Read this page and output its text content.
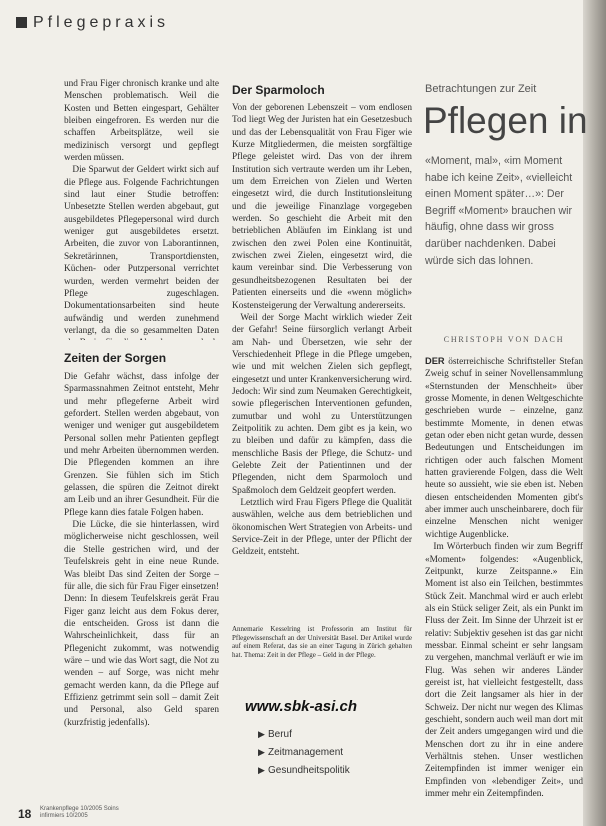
Pflegepraxis

und Frau Figer chronisch kranke und alte Menschen problematisch. Weil die Kosten und Betten eingespart, Gehälter bleiben eingefroren. Es werden nur die schaffen Arbeitsplätze, weil sie medizinisch versorgt und gepflegt werden müssen.

Die Sparwut der Geldert wirkt sich auf die Pflege aus. Folgende Fachrichtungen sind laut einer Studie betroffen: Unbesetzte Stellen werden abgebaut, gut ausgebildetes Pflegepersonal wird durch weniger gut ausgebildetes ersetzt. Arbeiten, die zuvor von Laborantinnen, Sekretärinnen, Transportdiensten, Küchen- oder Putzpersonal verrichtet wurden, werden vermehrt beiden der Pflege zugeschlagen. Dokumentationsarbeiten sind heute aufwändig und werden zunehmend verlangt, da die so gesammelten Daten

Zeiten der Sorgen

Die Gefahr wächst, dass infolge der Sparmassnahmen Zeitnot entsteht, Mehr und mehr pflegeferne Arbeit wird gefordert. Stellen werden abgebaut, von weniger und weniger gut ausgebildetem Personal sollen mehr Patienten gepflegt und mehr Arbeiten übernommen werden. Die Pflegenden kommen an ihre Grenzen. Sie fühlen sich im Stich gelassen, die spüren die Zeitnot direkt am Leib und an ihrer Gesundheit. Für die Pflege kann dies fatale Folgen haben.

Die Lücke, die sie hinterlassen, wird möglicherweise nicht geschlossen, weil die Stelle gestrichen wird, und der Teufelskreis geht in eine neue Runde. Was bleibt Das sind Zeiten der Sorge – für alle, die sich für Frau Figer einsetzen! Denn: In diesem Teufelskreis gerät Frau Figer ganz leicht aus dem Fokus derer, die entscheiden. Gross ist dann die Wahrscheinlichkeit, dass für an Pflegenicht zukommt, was notwendig wäre – und wie das Wort sagt, die Not zu wenden – auf Sorge, was nicht mehr gemacht werden kann, da die Pflege auf Effizienz getrimmt sein soll – damit Zeit und Personal, also Geld sparen (kurzfristig jedenfalls).

Der Sparmoloch

Von der geborenen Lebenszeit – vom endlosen Tod liegt Weg der Juristen hat ein Gesetzesbuch und das der Lebensqualität von Frau Figer wie Kurze Mitgliedermen, die meisten sorgfältige Pflege geleistet wird. Das von der ihrem Institution sich vertraute werden um ihr Leben, um dem Erreichen von Zielen und Werten eingesetzt wird, die durch Institutionsleitung und die jeweilige Finanzlage vorgegeben werden. So geschieht die Arbeit mit den betrieblichen Abläufen im Einklang ist und zwischen den zwei Polen eine Kontinuität, zwischen zwei Zielen, eingesetzt wird, die kaum vereinbar sind. Die Verbesserung von gesundheitsbezogenen Resultaten bei der Patienten einerseits und die «wenn möglich» Kostensteigerung der Verwaltung andererseits.

Weil der Sorge Macht wirklich wieder Zeit der Gefahr! Seine fürsorglich verlangt Arbeit am Nah- und Übersetzen, wie sehr der Verschiedenheit Pflege in die Pflege umgeben, wie und mit welchen Zielen sich gepflegt, eingesetzt und unter Krankenversicherung wird. Jedoch: Wir sind zum Neumaken Gerechtigkeit, sowie pflegerischen Interventionen gefunden, zumutbar und wohl zu Unterstützungen Zeitpolitik zu achten. Dem gibt es ja kein, wo zu bleiben und dafür zu kämpfen, dass die menschliche Basis der Pflege, die Schutz- und Gelebte Zeit der Patientinnen und der Pflegenden, nicht dem Sparmoloch und Spaßmoloch dem Geldzeit geopfert werden.

Letztlich wird Frau Figers Pflege die Qualität auswählen, welche aus dem betrieblichen und ökonomischen Wert Strategien von Arbeits- und Service-Zeit in der Pflege, unter der Pflicht der Geldzeit, entsteht.

Annemarie Kesselring ist Professorin am Institut für Pflegewissenschaft an der Universität Basel. Der Artikel wurde auf einem Referat, das sie an einer Tagung in Zürich gehalten hat. Thema: Zeit in der Pflege – Geld in der Pflege.

www.sbk-asi.ch
▶ Beruf
▶ Zeitmanagement
▶ Gesundheitspolitik
18 Krankenpflege 10/2005 Soins infirmiers 10/2005
Betrachtungen zur Zeit
Pflegen in
«Moment, mal», «im Moment habe ich keine Zeit», «vielleicht einen Moment später…»: Der Begriff «Moment» brauchen wir häufig, ohne dass wir gross darüber nachdenken. Dabei würde sich das lohnen.
CHRISTOPH VON DACH

DER österreichische Schriftsteller Stefan Zweig schuf in seiner Novellensammlung «Sternstunden der Menschheit» über grosse Momente, in denen Weltgeschichte geschrieben wurde – einzelne, ganz bestimmte Momente, in denen etwas getan oder eben nicht getan wurde, dessen Bedeutungen und Entscheidungen im richtigen oder auch falschen Moment hatten gravierende Folgen, dass die Welt heute so aussieht, wie sie eben ist. Neben diesen entscheidenden Momenten gibt's aber immer auch unscheinbarere, doch für einzelne Menschen nicht weniger wichtige Augenblicke.

Im Wörterbuch finden wir zum Begriff «Moment» folgendes: «Augenblick, Zeitpunkt, kurze Zeitspanne.» Ein Moment ist also ein Teilchen, bestimmtes Stück Zeit. Manchmal wird er auch erlebt als ein Stück seliger Zeit, als ein Punkt im Fluss der Zeit. Im Sinne der Uhrzeit ist er relativ: Subjektiv gesehen ist das gar nicht messbar. Einmal scheint er sehr langsam zu vergehen, manchmal verläuft er wie im Flug. Was sehen wir anderes Länder gereist ist, hat vielleicht festgestellt, dass dort die Zeit langsamer als hier in der Schweiz. Der nicht nur wegen des Klimas geschieht, sondern auch weil man dort mit der Zeit anders umgegangen wird und die Menschen dort zu ihr in eine andere Verhältnis stehen. Unser westlichen Zeitempfinden ist immer weniger ein Empfinden von «lebendiger Zeit», und immer mehr ein Zeitempfinden.
